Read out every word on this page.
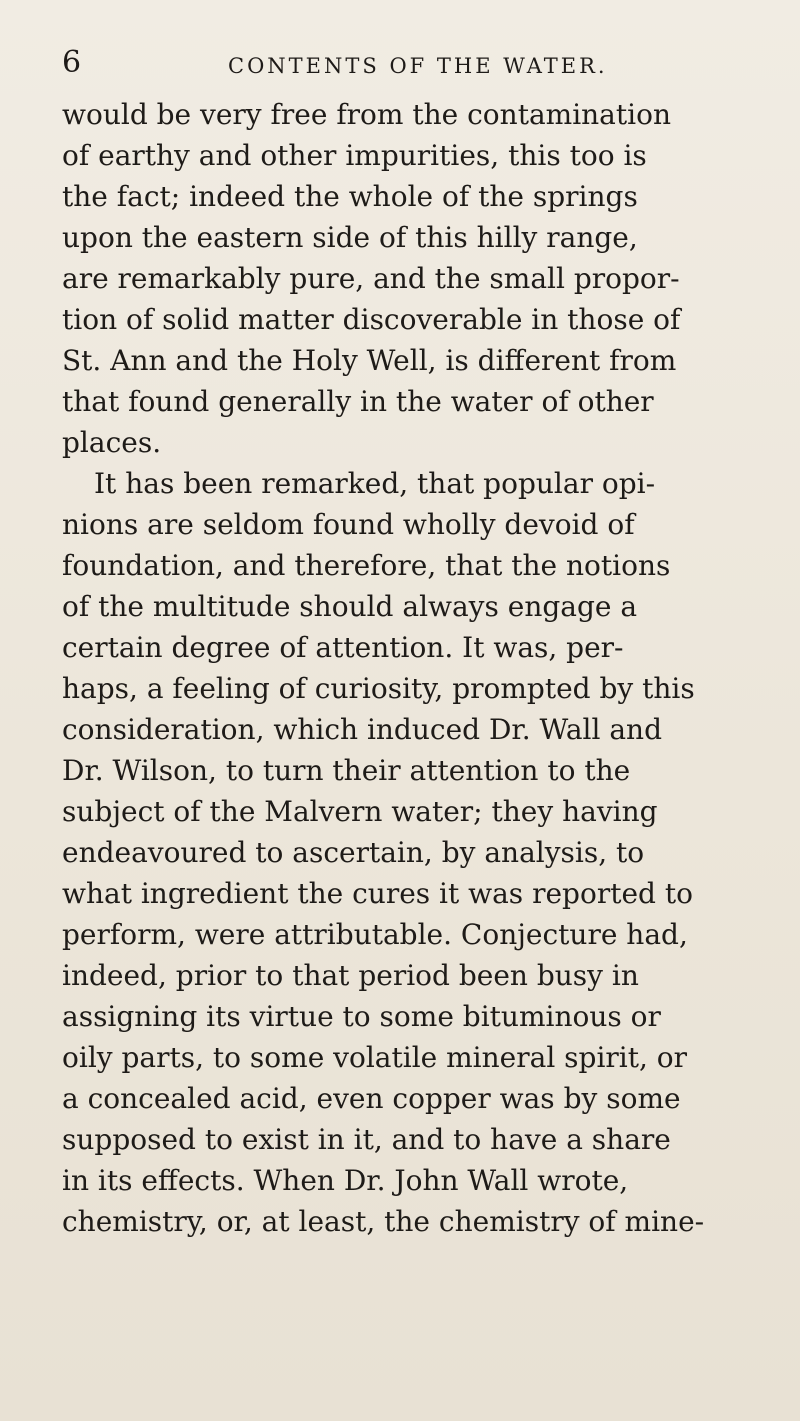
6	CONTENTS OF THE WATER.
would be very free from the contamination
of earthy and other impurities, this too is
the fact; indeed the whole of the springs
upon the eastern side of this hilly range,
are remarkably pure, and the small propor-
tion of solid matter discoverable in those of
St. Ann and the Holy Well, is different from
that found generally in the water of other
places.
It has been remarked, that popular opi-
nions are seldom found wholly devoid of
foundation, and therefore, that the notions
of the multitude should always engage a
certain degree of attention. It was, per-
haps, a feeling of curiosity, prompted by this
consideration, which induced Dr. Wall and
Dr. Wilson, to turn their attention to the
subject of the Malvern water; they having
endeavoured to ascertain, by analysis, to
what ingredient the cures it was reported to
perform, were attributable. Conjecture had,
indeed, prior to that period been busy in
assigning its virtue to some bituminous or
oily parts, to some volatile mineral spirit, or
a concealed acid, even copper was by some
supposed to exist in it, and to have a share
in its effects. When Dr. John Wall wrote,
chemistry, or, at least, the chemistry of mine-
